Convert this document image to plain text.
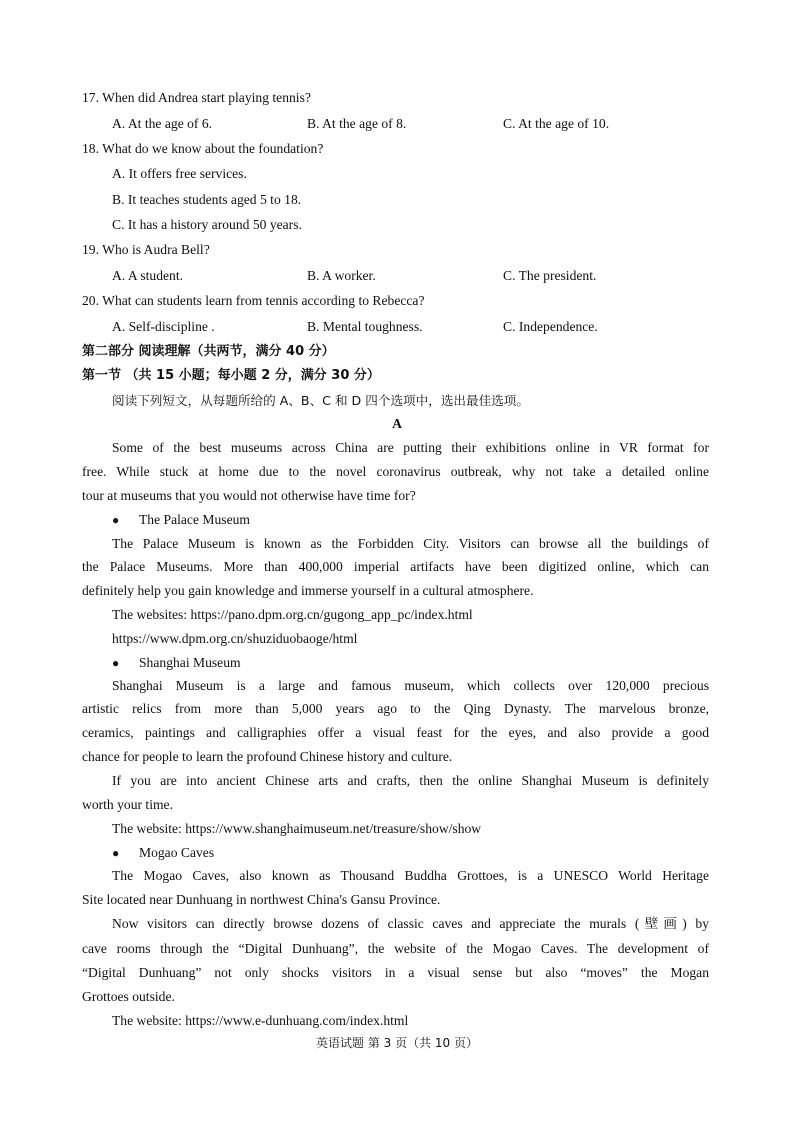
17. When did Andrea start playing tennis?
A. At the age of 6.	B. At the age of 8.	C. At the age of 10.
18. What do we know about the foundation?
A. It offers free services.
B. It teaches students aged 5 to 18.
C. It has a history around 50 years.
19. Who is Audra Bell?
A. A student.	B. A worker.	C. The president.
20. What can students learn from tennis according to Rebecca?
A. Self-discipline .	B. Mental toughness.	C. Independence.
第二部分 阅读理解（共两节，满分 40 分）
第一节 （共 15 小题；每小题 2 分，满分 30 分）
阅读下列短文，从每题所给的 A、B、C 和 D 四个选项中，选出最佳选项。
A
Some of the best museums across China are putting their exhibitions online in VR format for
free. While stuck at home due to the novel coronavirus outbreak, why not take a detailed online
tour at museums that you would not otherwise have time for?
● The Palace Museum
The Palace Museum is known as the Forbidden City. Visitors can browse all the buildings of
the Palace Museums. More than 400,000 imperial artifacts have been digitized online, which can
definitely help you gain knowledge and immerse yourself in a cultural atmosphere.
The websites: https://pano.dpm.org.cn/gugong_app_pc/index.html
https://www.dpm.org.cn/shuziduobaoge/html
● Shanghai Museum
Shanghai Museum is a large and famous museum, which collects over 120,000 precious
artistic relics from more than 5,000 years ago to the Qing Dynasty. The marvelous bronze,
ceramics, paintings and calligraphies offer a visual feast for the eyes, and also provide a good
chance for people to learn the profound Chinese history and culture.
If you are into ancient Chinese arts and crafts, then the online Shanghai Museum is definitely
worth your time.
The website: https://www.shanghaimuseum.net/treasure/show/show
● Mogao Caves
The Mogao Caves, also known as Thousand Buddha Grottoes, is a UNESCO World Heritage
Site located near Dunhuang in northwest China's Gansu Province.
Now visitors can directly browse dozens of classic caves and appreciate the murals (壁画) by
cave rooms through the “Digital Dunhuang”, the website of the Mogao Caves. The development of
“Digital Dunhuang” not only shocks visitors in a visual sense but also “moves” the Mogan
Grottoes outside.
The website: https://www.e-dunhuang.com/index.html
英语试题 第 3 页（共 10 页）
